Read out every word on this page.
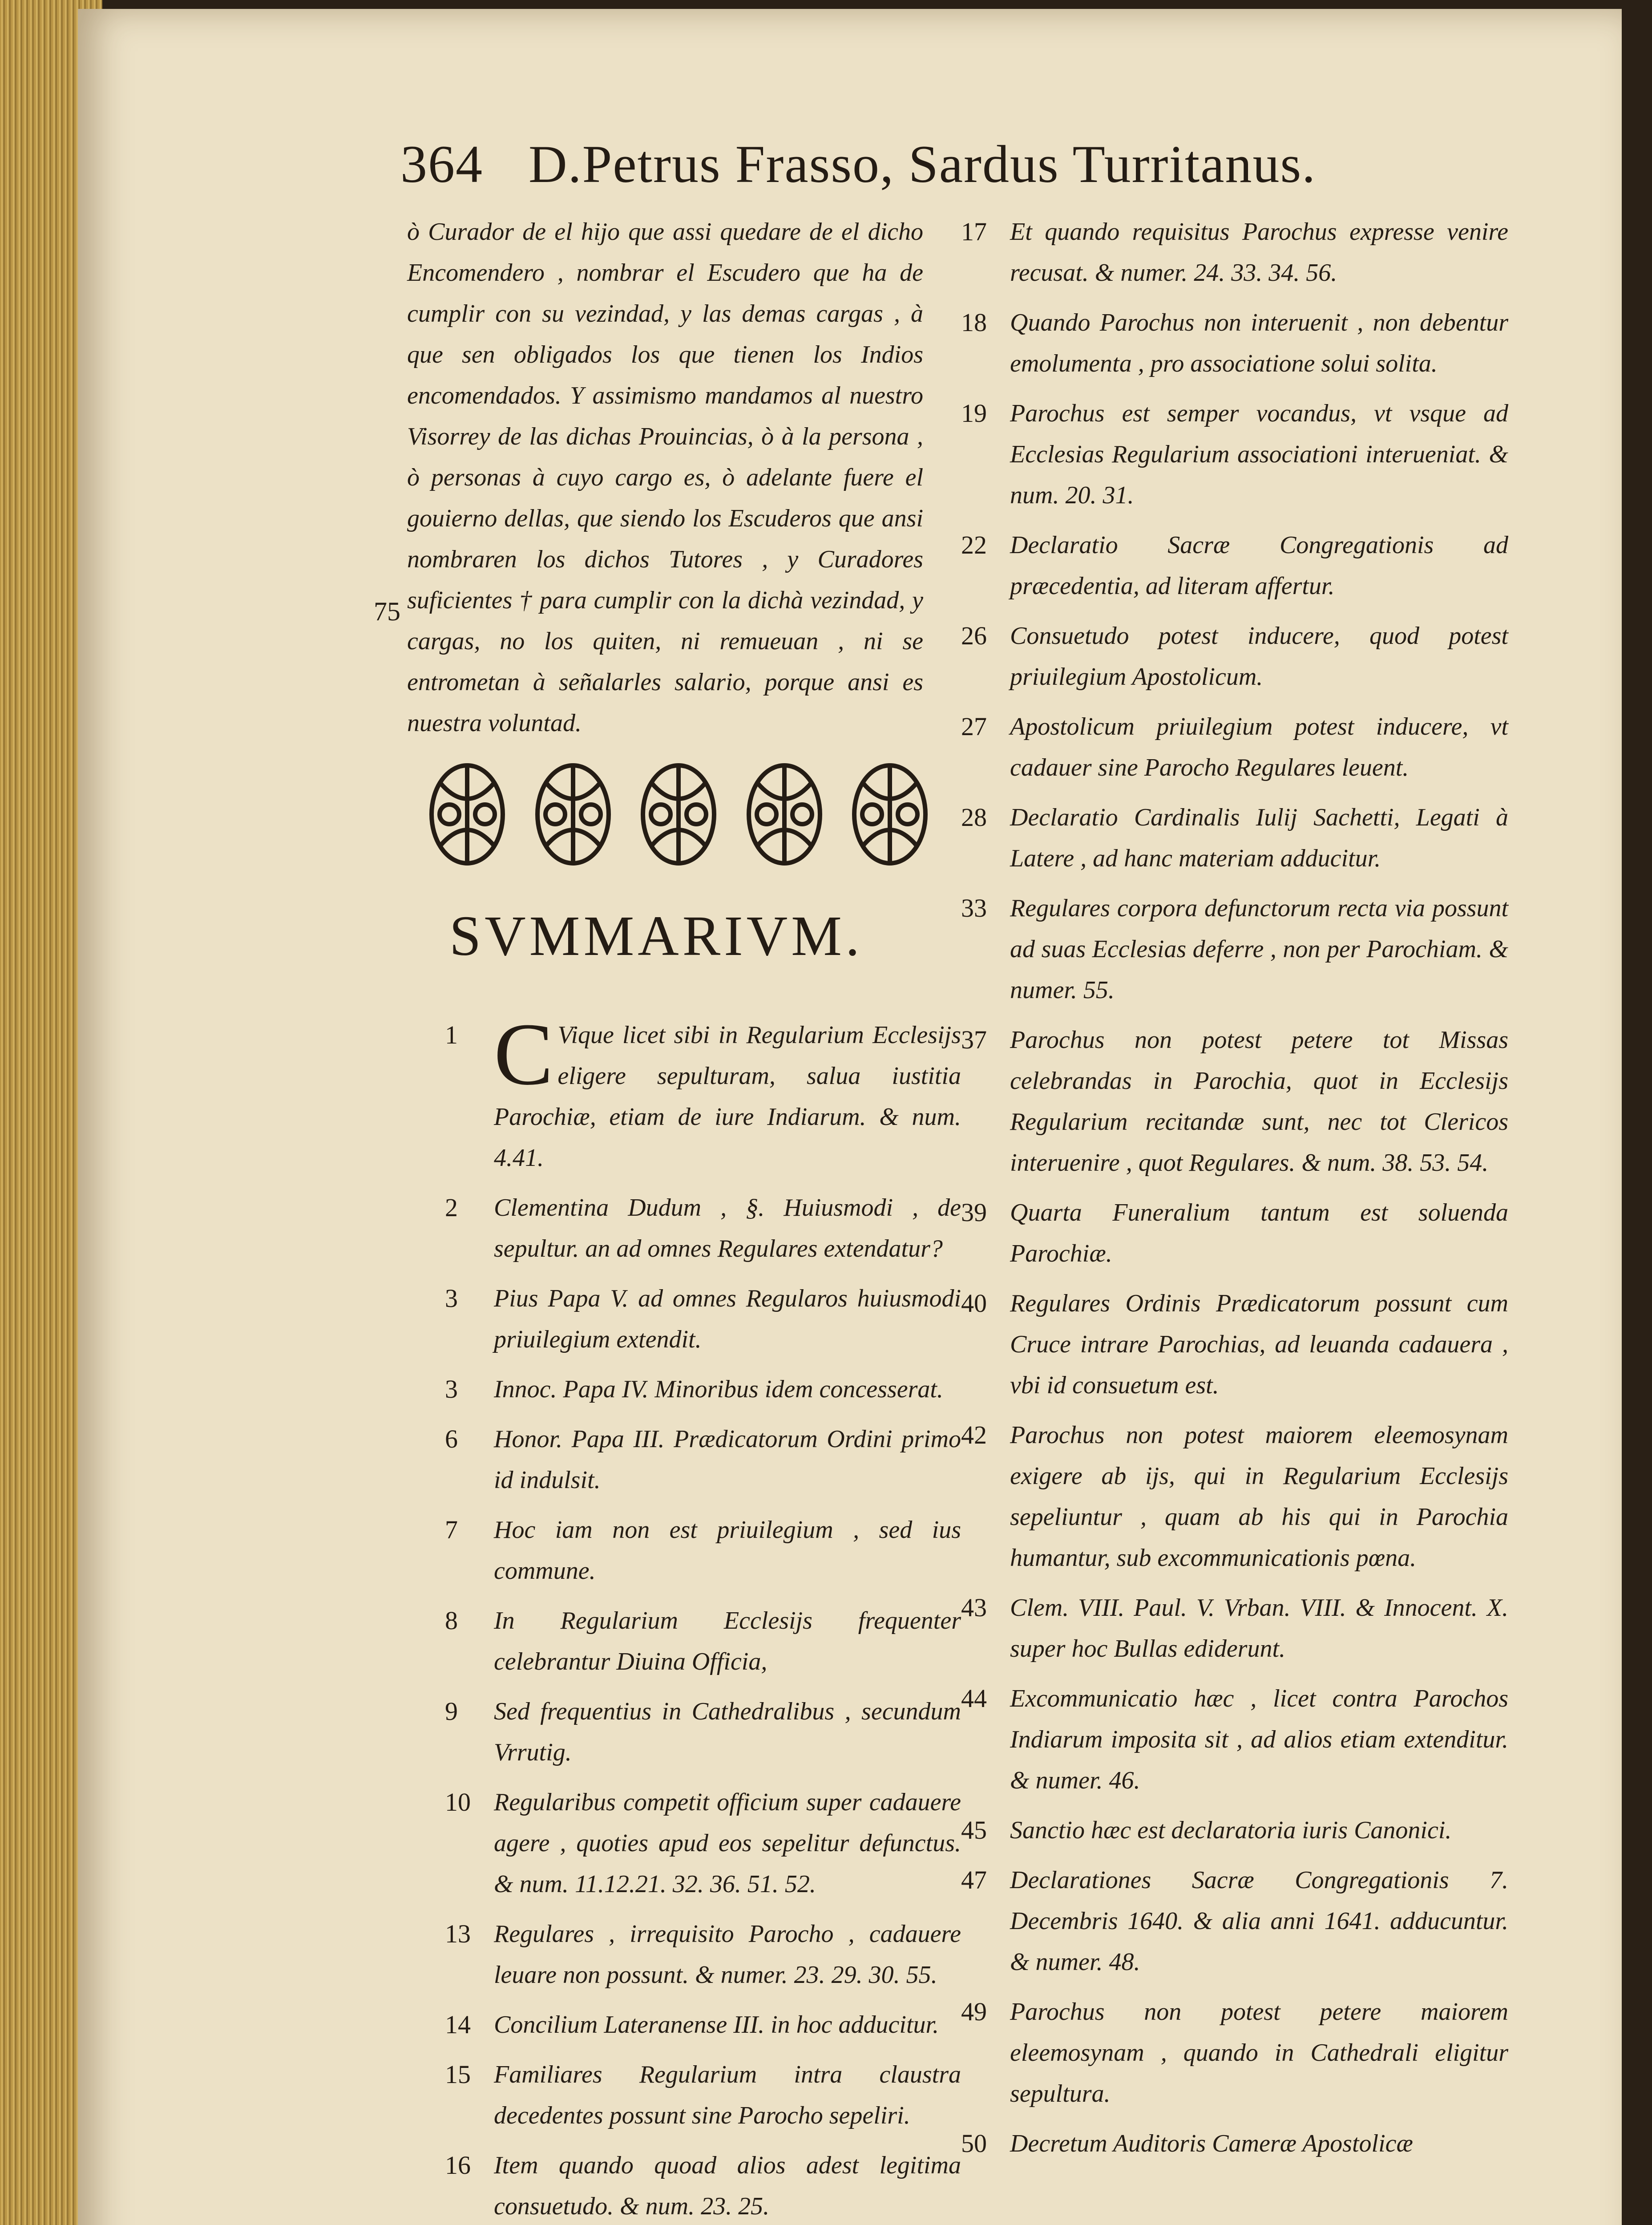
364 D.Petrus Frasso, Sardus Turritanus.

ò Curador de el hijo que assi quedare de el dicho Encomendero , nombrar el Escudero que ha de cumplir con su vezindad, y las demas cargas , à que sen obligados los que tienen los Indios encomendados. Y assimismo mandamos al nuestro Visorrey de las dichas Prouincias, ò à la persona , ò personas à cuyo cargo es, ò adelante fuere el gouierno dellas, que siendo los Escuderos que ansi nombraren los dichos Tutores , y Curadores suficientes † para cumplir con la dichà vezindad, y cargas, no los quiten, ni remueuan , ni se entrometan à señalarles salario, porque ansi es nuestra voluntad.

75
SVMMARIVM.
1 C Vique licet sibi in Regularium Ecclesijs eligere sepulturam, salua iustitia Parochiæ, etiam de iure Indiarum. & num. 4.41.
2	Clementina Dudum , §. Huiusmodi , de sepultur. an ad omnes Regulares extendatur?
3	Pius Papa V. ad omnes Regularos huiusmodi priuilegium extendit.
3	Innoc. Papa IV. Minoribus idem concesserat.
6	Honor. Papa III. Prædicatorum Ordini primo id indulsit.
7	Hoc iam non est priuilegium , sed ius commune.
8	In Regularium Ecclesijs frequenter celebrantur Diuina Officia,
9	Sed frequentius in Cathedralibus , secundum Vrrutig.
10 Regularibus competit officium super cadauere agere , quoties apud eos sepelitur defunctus. & num. 11.12.21. 32. 36. 51. 52.
13 Regulares , irrequisito Parocho , cadauere leuare non possunt. & numer. 23. 29. 30. 55.
14 Concilium Lateranense III. in hoc adducitur.
15 Familiares Regularium intra claustra decedentes possunt sine Parocho sepeliri.
16 Item quando quoad alios adest legitima consuetudo. & num. 23. 25.
17 Et quando requisitus Parochus expresse venire recusat. & numer. 24. 33. 34. 56.
18 Quando Parochus non interuenit , non debentur emolumenta , pro associatione solui solita.
19 Parochus est semper vocandus, vt vsque ad Ecclesias Regularium associationi interueniat. & num. 20. 31.
22 Declaratio Sacræ Congregationis ad præcedentia, ad literam affertur.
26 Consuetudo potest inducere, quod potest priuilegium Apostolicum.
27 Apostolicum priuilegium potest inducere, vt cadauer sine Parocho Regulares leuent.
28 Declaratio Cardinalis Iulij Sachetti, Legati à Latere , ad hanc materiam adducitur.
33 Regulares corpora defunctorum recta via possunt ad suas Ecclesias deferre , non per Parochiam. & numer. 55.
37 Parochus non potest petere tot Missas celebrandas in Parochia, quot in Ecclesijs Regularium recitandæ sunt, nec tot Clericos interuenire , quot Regulares. & num. 38. 53. 54.
39 Quarta Funeralium tantum est soluenda Parochiæ.
40 Regulares Ordinis Prædicatorum possunt cum Cruce intrare Parochias, ad leuanda cadauera , vbi id consuetum est.
42 Parochus non potest maiorem eleemosynam exigere ab ijs, qui in Regularium Ecclesijs sepeliuntur , quam ab his qui in Parochia humantur, sub excommunicationis pœna.
43 Clem. VIII. Paul. V. Vrban. VIII. & Innocent. X. super hoc Bullas ediderunt.
44 Excommunicatio hæc , licet contra Parochos Indiarum imposita sit , ad alios etiam extenditur. & numer. 46.
45 Sanctio hæc est declaratoria iuris Canonici.
47 Declarationes Sacræ Congregationis 7. Decembris 1640. & alia anni 1641. adducuntur. & numer. 48.
49 Parochus non potest petere maiorem eleemosynam , quando in Cathedrali eligitur sepultura.
50 Decretum Auditoris Cameræ Apostolicæ
